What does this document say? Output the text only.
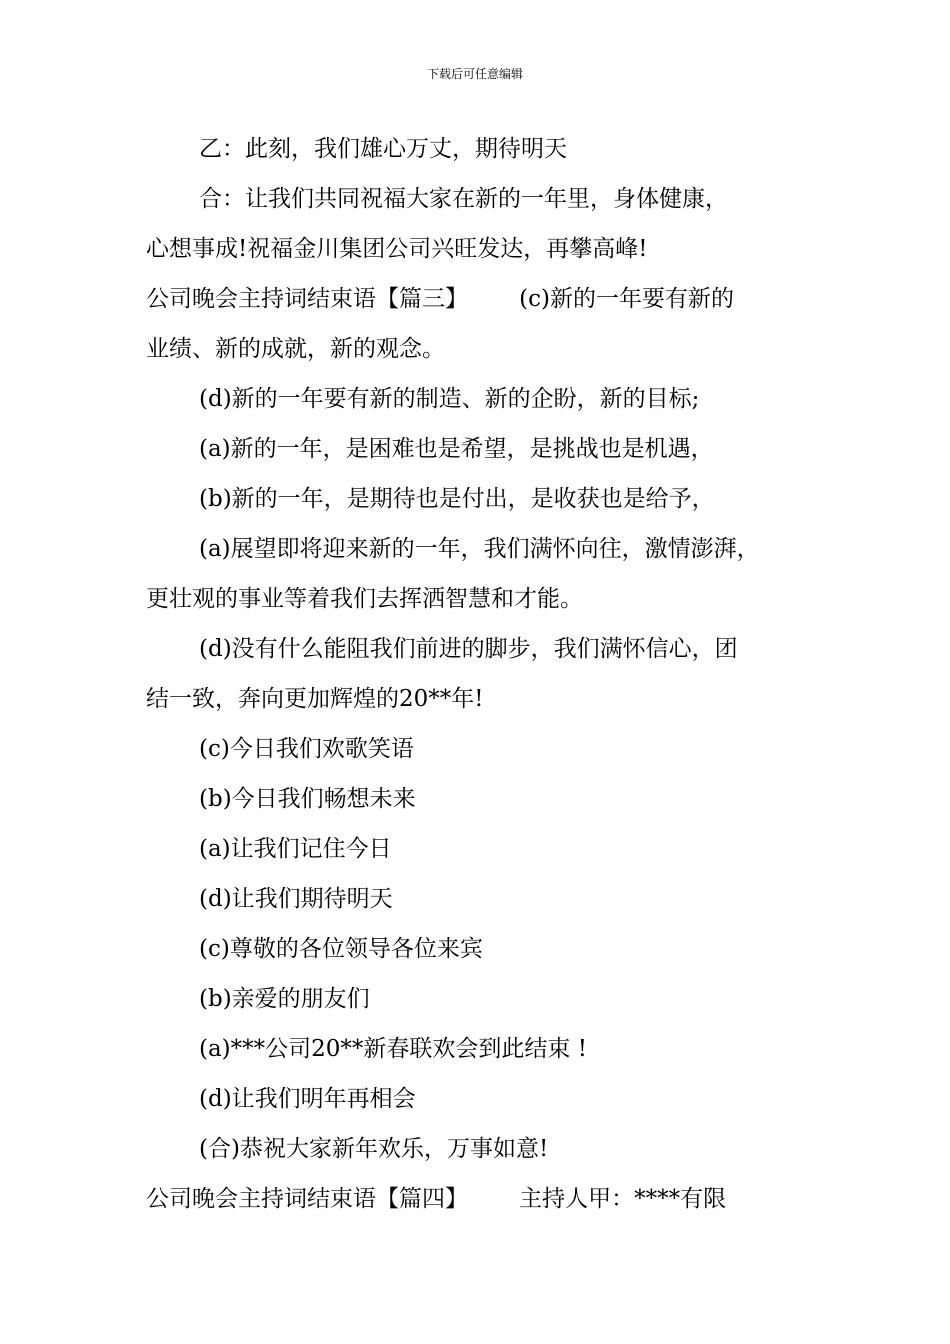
下载后可任意编辑
乙：此刻，我们雄心万丈，期待明天
合：让我们共同祝福大家在新的一年里，身体健康，
心想事成!祝福金川集团公司兴旺发达，再攀高峰!
公司晚会主持词结束语【篇三】       (c)新的一年要有新的
业绩、新的成就，新的观念。
(d)新的一年要有新的制造、新的企盼，新的目标;
(a)新的一年，是困难也是希望，是挑战也是机遇，
(b)新的一年，是期待也是付出，是收获也是给予，
(a)展望即将迎来新的一年，我们满怀向往，激情澎湃，
更壮观的事业等着我们去挥洒智慧和才能。
(d)没有什么能阻我们前进的脚步，我们满怀信心，团
结一致，奔向更加辉煌的20**年!
(c)今日我们欢歌笑语
(b)今日我们畅想未来
(a)让我们记住今日
(d)让我们期待明天
(c)尊敬的各位领导各位来宾
(b)亲爱的朋友们
(a)***公司20**新春联欢会到此结束 !
(d)让我们明年再相会
(合)恭祝大家新年欢乐，万事如意!
公司晚会主持词结束语【篇四】       主持人甲：****有限
